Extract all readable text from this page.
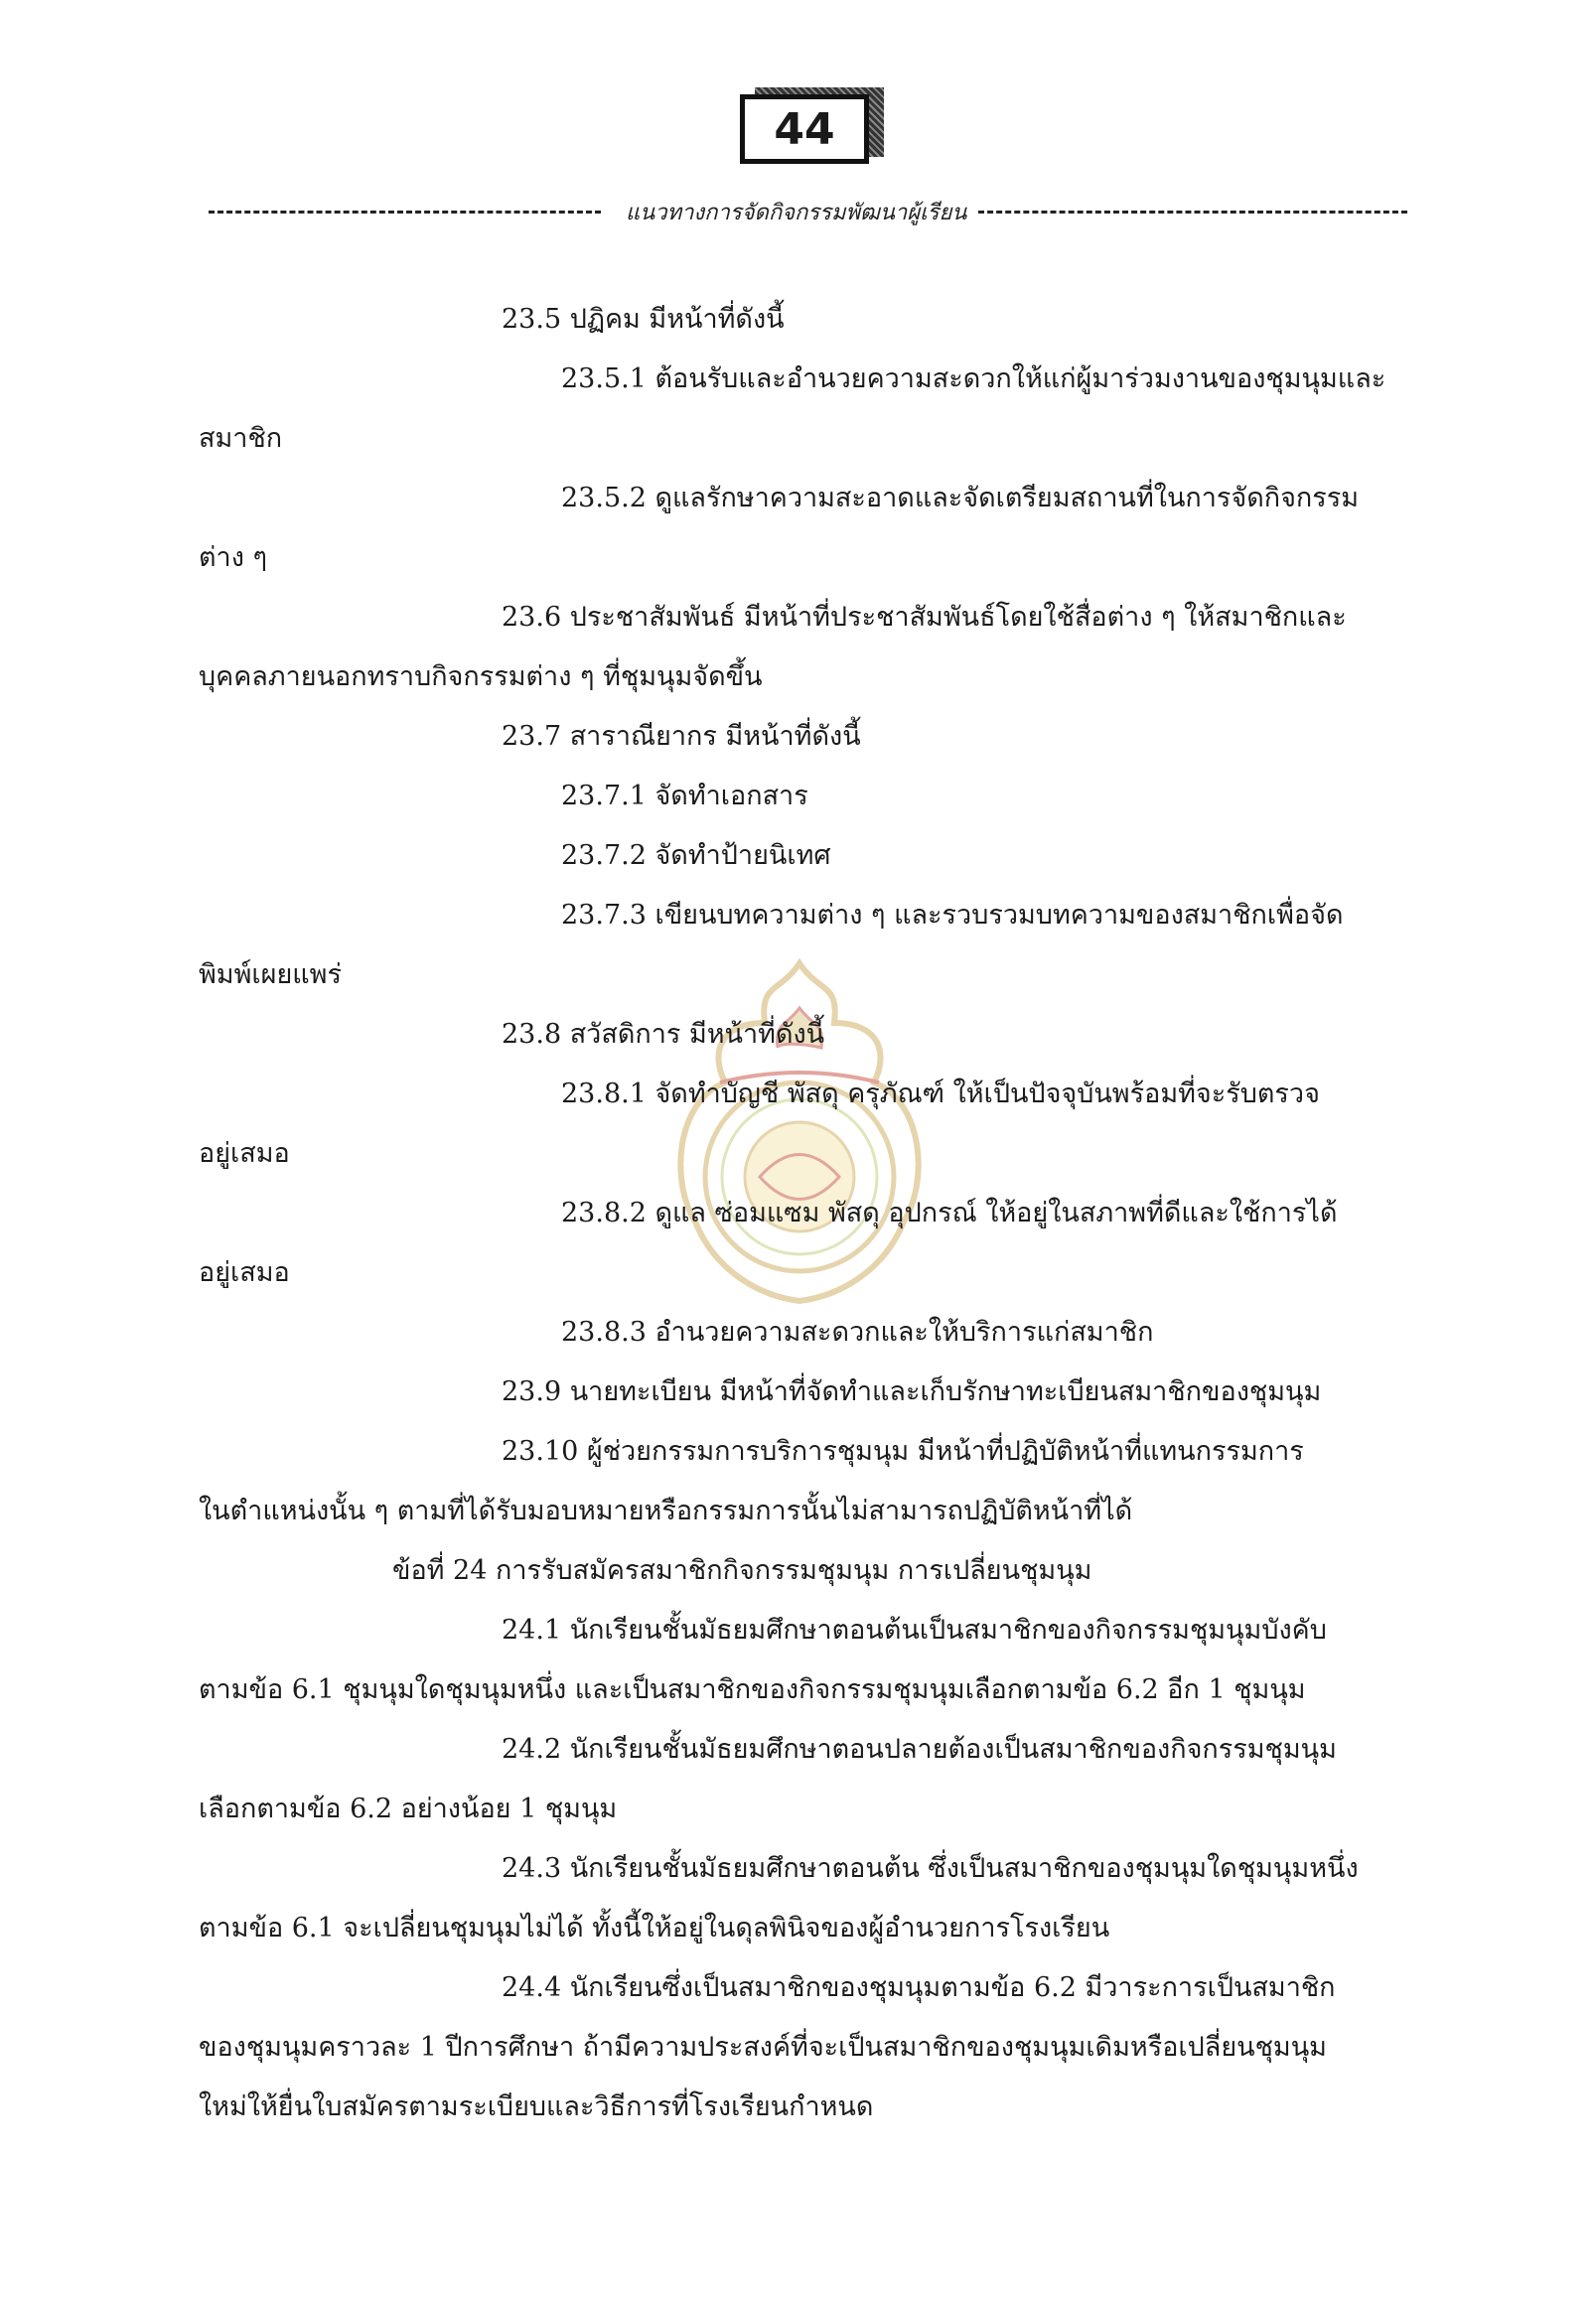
44
แนวทางการจัดกิจกรรมพัฒนาผู้เรียน
23.5 ปฏิคม มีหน้าที่ดังนี้
23.5.1 ต้อนรับและอำนวยความสะดวกให้แก่ผู้มาร่วมงานของชุมนุมและ
สมาชิก
23.5.2 ดูแลรักษาความสะอาดและจัดเตรียมสถานที่ในการจัดกิจกรรม
ต่าง ๆ
23.6 ประชาสัมพันธ์ มีหน้าที่ประชาสัมพันธ์โดยใช้สื่อต่าง ๆ ให้สมาชิกและ
บุคคลภายนอกทราบกิจกรรมต่าง ๆ ที่ชุมนุมจัดขึ้น
23.7 สาราณียากร มีหน้าที่ดังนี้
23.7.1 จัดทำเอกสาร
23.7.2 จัดทำป้ายนิเทศ
23.7.3 เขียนบทความต่าง ๆ และรวบรวมบทความของสมาชิกเพื่อจัด
พิมพ์เผยแพร่
23.8 สวัสดิการ มีหน้าที่ดังนี้
23.8.1 จัดทำบัญชี พัสดุ ครุภัณฑ์ ให้เป็นปัจจุบันพร้อมที่จะรับตรวจ
อยู่เสมอ
23.8.2 ดูแล ซ่อมแซม พัสดุ อุปกรณ์ ให้อยู่ในสภาพที่ดีและใช้การได้
อยู่เสมอ
23.8.3 อำนวยความสะดวกและให้บริการแก่สมาชิก
23.9 นายทะเบียน มีหน้าที่จัดทำและเก็บรักษาทะเบียนสมาชิกของชุมนุม
23.10 ผู้ช่วยกรรมการบริการชุมนุม มีหน้าที่ปฏิบัติหน้าที่แทนกรรมการ
ในตำแหน่งนั้น ๆ ตามที่ได้รับมอบหมายหรือกรรมการนั้นไม่สามารถปฏิบัติหน้าที่ได้
ข้อที่ 24 การรับสมัครสมาชิกกิจกรรมชุมนุม การเปลี่ยนชุมนุม
24.1 นักเรียนชั้นมัธยมศึกษาตอนต้นเป็นสมาชิกของกิจกรรมชุมนุมบังคับ
ตามข้อ 6.1 ชุมนุมใดชุมนุมหนึ่ง และเป็นสมาชิกของกิจกรรมชุมนุมเลือกตามข้อ 6.2 อีก 1 ชุมนุม
24.2 นักเรียนชั้นมัธยมศึกษาตอนปลายต้องเป็นสมาชิกของกิจกรรมชุมนุม
เลือกตามข้อ 6.2 อย่างน้อย 1 ชุมนุม
24.3 นักเรียนชั้นมัธยมศึกษาตอนต้น ซึ่งเป็นสมาชิกของชุมนุมใดชุมนุมหนึ่ง
ตามข้อ 6.1 จะเปลี่ยนชุมนุมไม่ได้ ทั้งนี้ให้อยู่ในดุลพินิจของผู้อำนวยการโรงเรียน
24.4 นักเรียนซึ่งเป็นสมาชิกของชุมนุมตามข้อ 6.2 มีวาระการเป็นสมาชิก
ของชุมนุมคราวละ 1 ปีการศึกษา ถ้ามีความประสงค์ที่จะเป็นสมาชิกของชุมนุมเดิมหรือเปลี่ยนชุมนุม
ใหม่ให้ยื่นใบสมัครตามระเบียบและวิธีการที่โรงเรียนกำหนด
